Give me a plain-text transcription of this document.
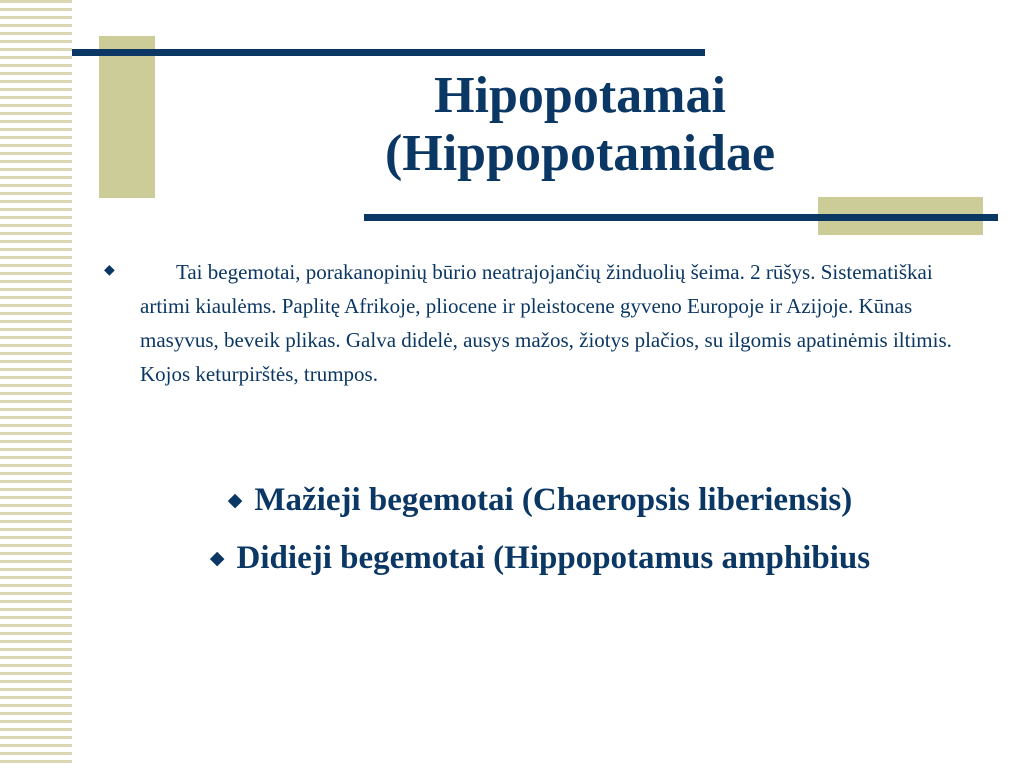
Hipopotamai
(Hippopotamidae
◆	Tai begemotai, porakanopinių būrio neatrajojančių žinduolių šeima. 2 rūšys. Sistematiškai artimi kiaulėms. Paplitę Afrikoje, pliocene ir pleistocene gyveno Europoje ir Azijoje. Kūnas masyvus, beveik plikas. Galva didelė, ausys mažos, žiotys plačios, su ilgomis apatinėmis iltimis. Kojos keturpirštės, trumpos.
◆ Mažieji begemotai (Chaeropsis liberiensis)
◆ Didieji begemotai (Hippopotamus amphibius
